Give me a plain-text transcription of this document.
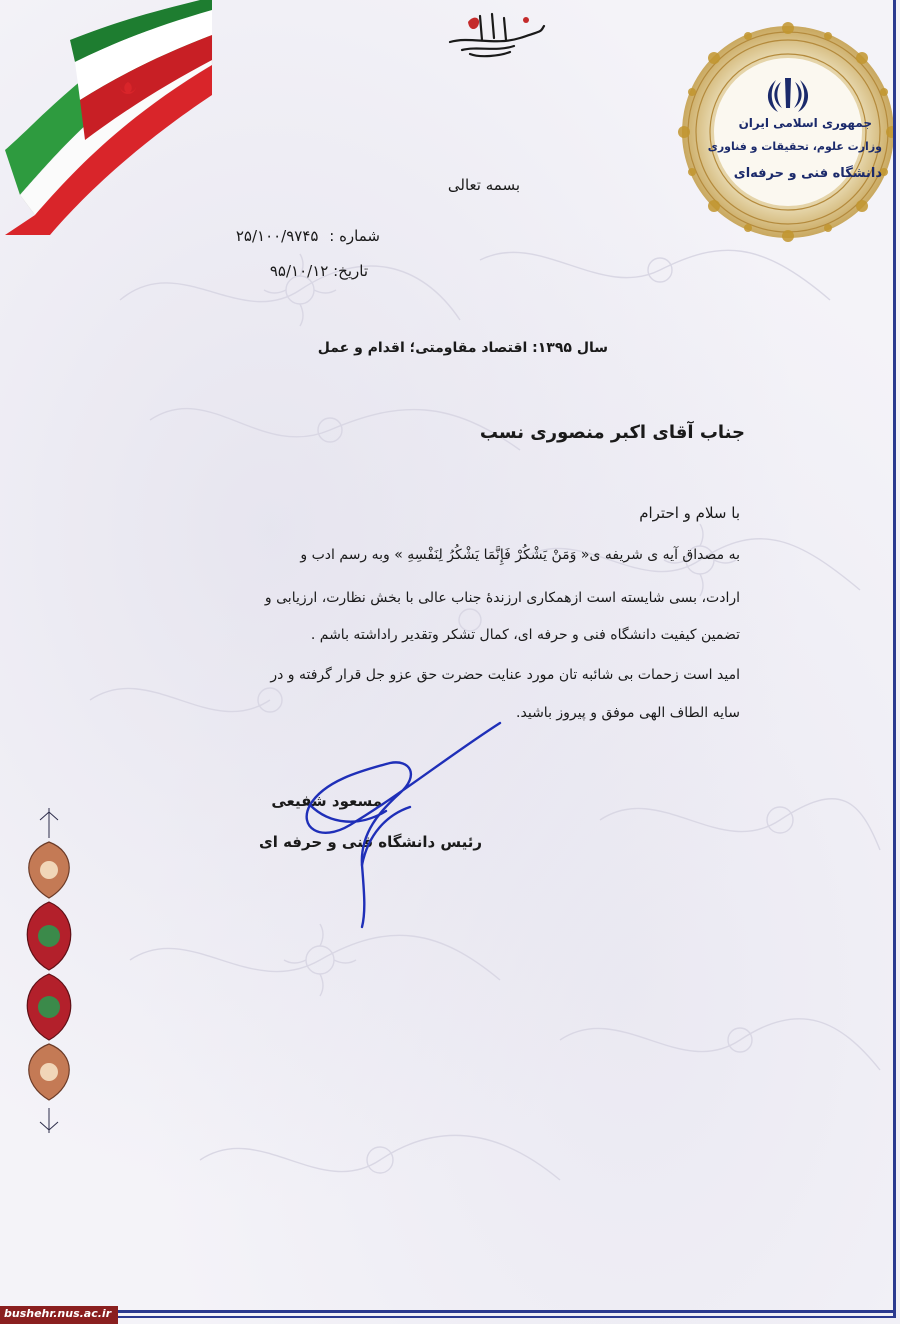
جمهوری اسلامی ایران
وزارت علوم، تحقیقات و فناوری
دانشگاه فنی و حرفه‌ای
بسمه تعالی
شماره : ۲۵/۱۰۰/۹۷۴۵
تاریخ: ۹۵/۱۰/۱۲
سال ۱۳۹۵: اقتصاد مقاومتی؛ اقدام و عمل
جناب آقای اکبر منصوری نسب
با سلام و احترام
به مصداق آیه ی شریفه ی« وَمَنْ یَشْکُرْ فَإِنَّمَا یَشْکُرُ لِنَفْسِهِ » وبه رسم ادب و
ارادت، بسی شایسته است ازهمکاری ارزندهٔ جناب عالی با بخش نظارت، ارزیابی و
تضمین کیفیت دانشگاه فنی و حرفه ای، کمال تشکر وتقدیر راداشته باشم .
امید است زحمات بی شائبه تان مورد عنایت حضرت حق عزو جل قرار گرفته و در
سایه الطاف الهی موفق و پیروز باشید.
مسعود شفیعی
رئیس دانشگاه فنی و حرفه ای
bushehr.nus.ac.ir
